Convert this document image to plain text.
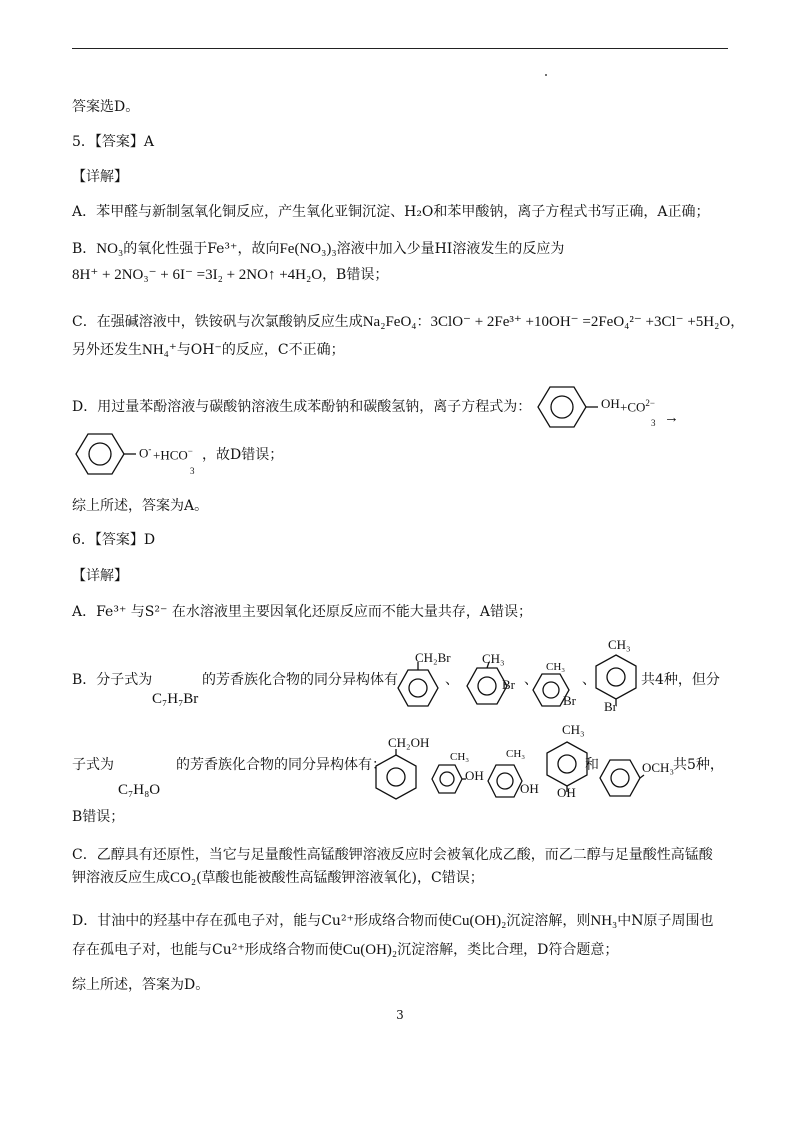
答案选D。
5．【答案】A
【详解】
A．苯甲醛与新制氢氧化铜反应，产生氧化亚铜沉淀、H₂O和苯甲酸钠，离子方程式书写正确，A正确；
B．NO₃的氧化性强于Fe³⁺，故向Fe(NO₃)₃溶液中加入少量HI溶液发生的反应为
8H⁺ + 2NO₃⁻ + 6I⁻ =3I₂ + 2NO↑ +4H₂O，B错误；
C．在强碱溶液中，铁铵矾与次氯酸钠反应生成Na₂FeO₄：3ClO⁻ + 2Fe³⁺ +10OH⁻ =2FeO₄²⁻ +3Cl⁻ +5H₂O，
另外还发生NH₄⁺与OH⁻的反应，C不正确；
D．用过量苯酚溶液与碳酸钠溶液生成苯酚钠和碳酸氢钠，离子方程式为：	OH $+CO^{2-}$
3 →
O- +HCO−
3
，故D错误；
综上所述，答案为A。
6．【答案】D
【详解】
A．Fe³⁺ 与S²⁻ 在水溶液里主要因氧化还原反应而不能大量共存，A错误；
B．分子式为
C₇H₇Br
的芳香族化合物的同分异构体有
CH₂Br
、
CH₃
Br 、
CH₃
Br
、
CH₃
Br
共4种，但分
子式为
C₇H₈O
的芳香族化合物的同分异构体有：
CH₂OH
CH₃
OH
CH₃
OH
CH₃
OH
和	OCH₃ 共5种，
B错误；
C．乙醇具有还原性，当它与足量酸性高锰酸钾溶液反应时会被氧化成乙酸，而乙二醇与足量酸性高锰酸
钾溶液反应生成CO₂(草酸也能被酸性高锰酸钾溶液氧化)，C错误；
D．甘油中的羟基中存在孤电子对，能与Cu²⁺形成络合物而使Cu(OH)₂沉淀溶解，则NH₃中N原子周围也
存在孤电子对，也能与Cu²⁺形成络合物而使Cu(OH)₂沉淀溶解，类比合理，D符合题意；
综上所述，答案为D。
3
